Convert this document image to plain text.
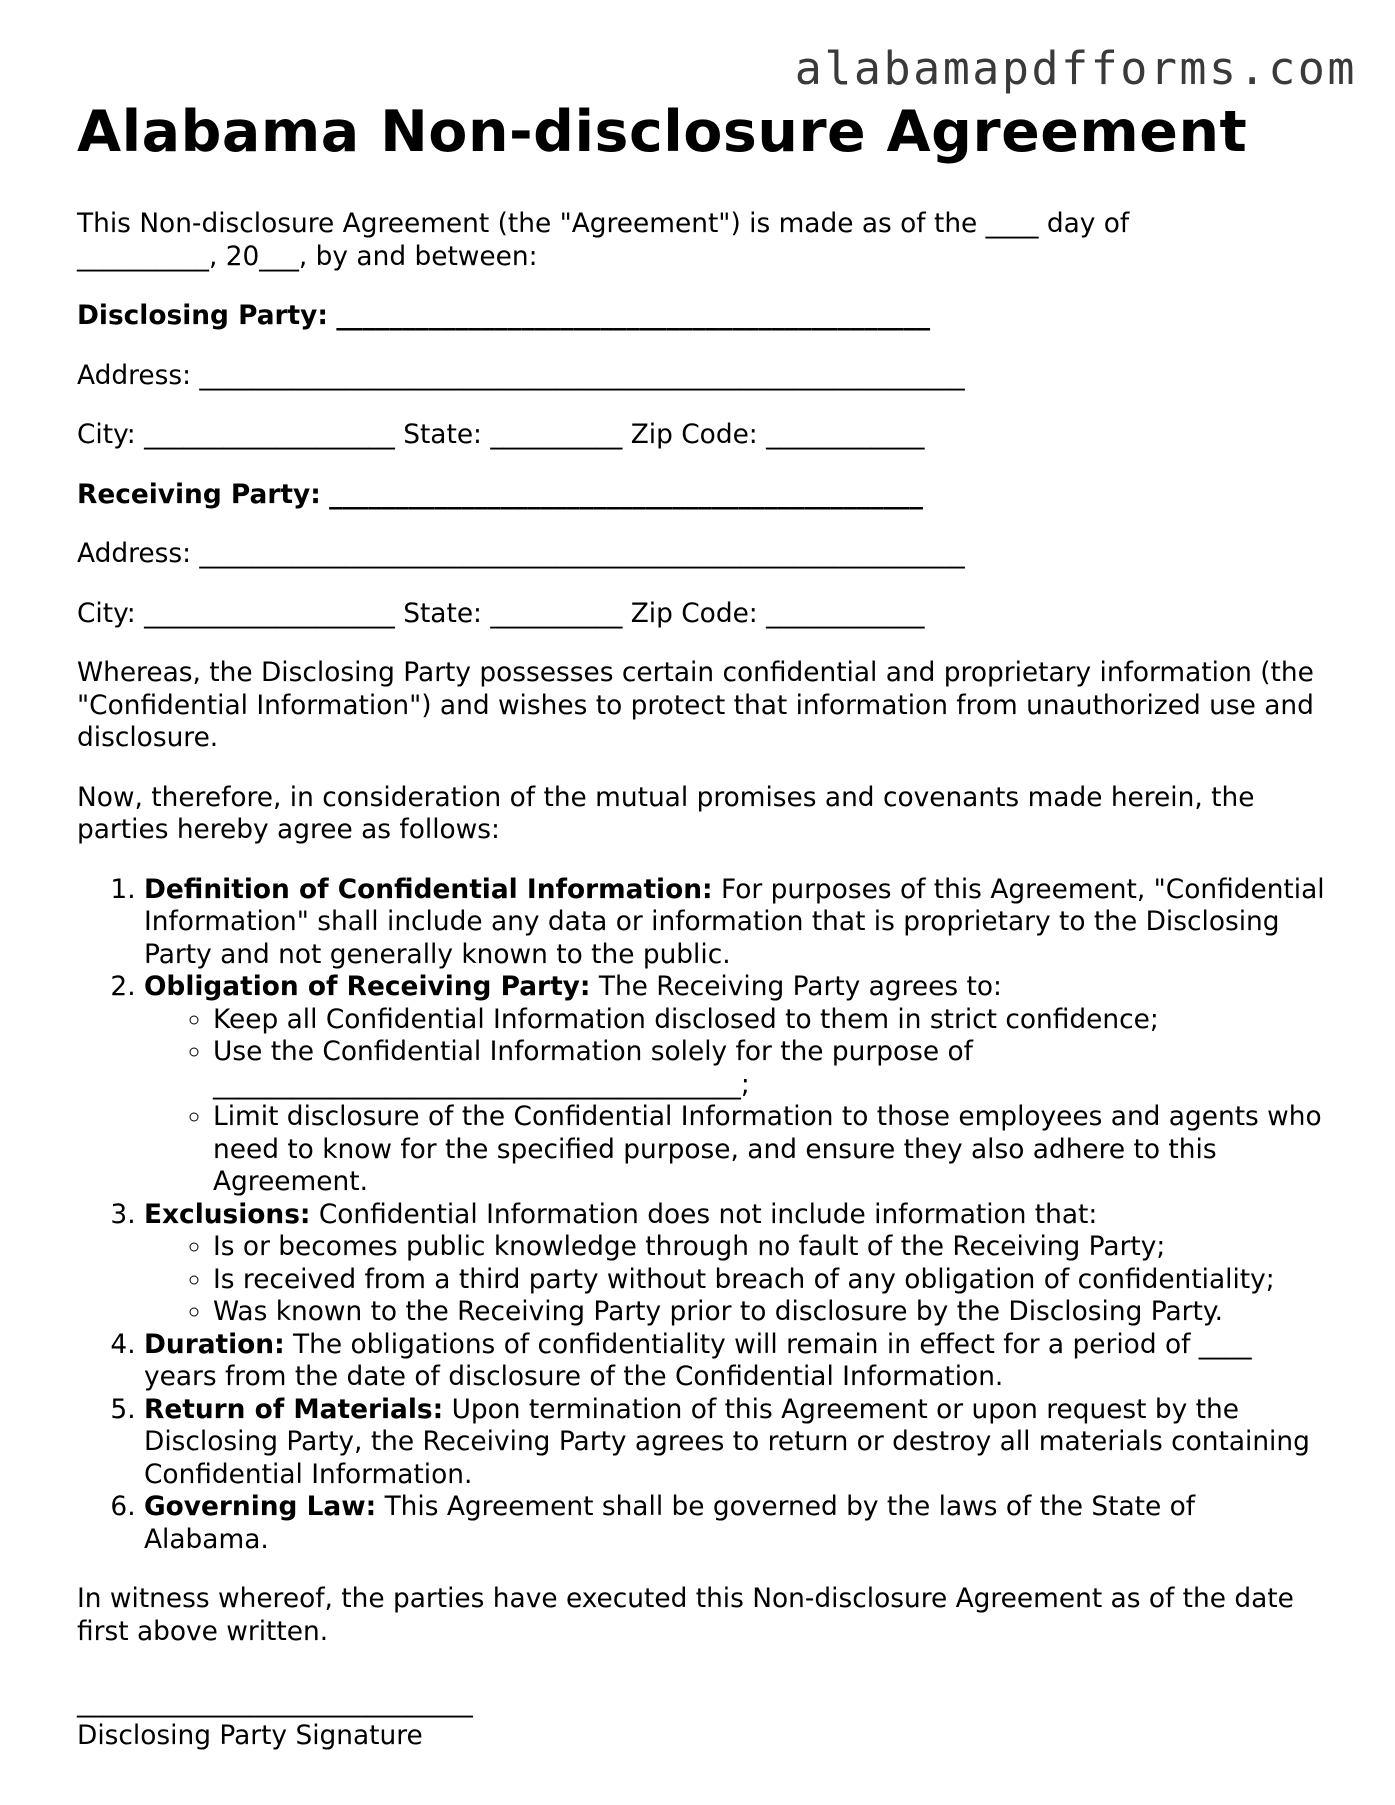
alabamapdfforms.com
Alabama Non-disclosure Agreement

This Non-disclosure Agreement (the "Agreement") is made as of the ____ day of
__________, 20___, by and between:

Disclosing Party: _____________________________________________

Address: __________________________________________________________

City: ___________________ State: __________ Zip Code: ____________

Receiving Party: _____________________________________________

Address: __________________________________________________________

City: ___________________ State: __________ Zip Code: ____________

Whereas, the Disclosing Party possesses certain confidential and proprietary information (the "Confidential Information") and wishes to protect that information from unauthorized use and disclosure.

Now, therefore, in consideration of the mutual promises and covenants made herein, the parties hereby agree as follows:

1. Definition of Confidential Information: For purposes of this Agreement, "Confidential Information" shall include any data or information that is proprietary to the Disclosing Party and not generally known to the public.
2. Obligation of Receiving Party: The Receiving Party agrees to:
◦ Keep all Confidential Information disclosed to them in strict confidence;
◦ Use the Confidential Information solely for the purpose of ________________________________________;
◦ Limit disclosure of the Confidential Information to those employees and agents who need to know for the specified purpose, and ensure they also adhere to this Agreement.
3. Exclusions: Confidential Information does not include information that:
◦ Is or becomes public knowledge through no fault of the Receiving Party;
◦ Is received from a third party without breach of any obligation of confidentiality;
◦ Was known to the Receiving Party prior to disclosure by the Disclosing Party.
4. Duration: The obligations of confidentiality will remain in effect for a period of ____ years from the date of disclosure of the Confidential Information.
5. Return of Materials: Upon termination of this Agreement or upon request by the Disclosing Party, the Receiving Party agrees to return or destroy all materials containing Confidential Information.
6. Governing Law: This Agreement shall be governed by the laws of the State of Alabama.

In witness whereof, the parties have executed this Non-disclosure Agreement as of the date first above written.

______________________________
Disclosing Party Signature
